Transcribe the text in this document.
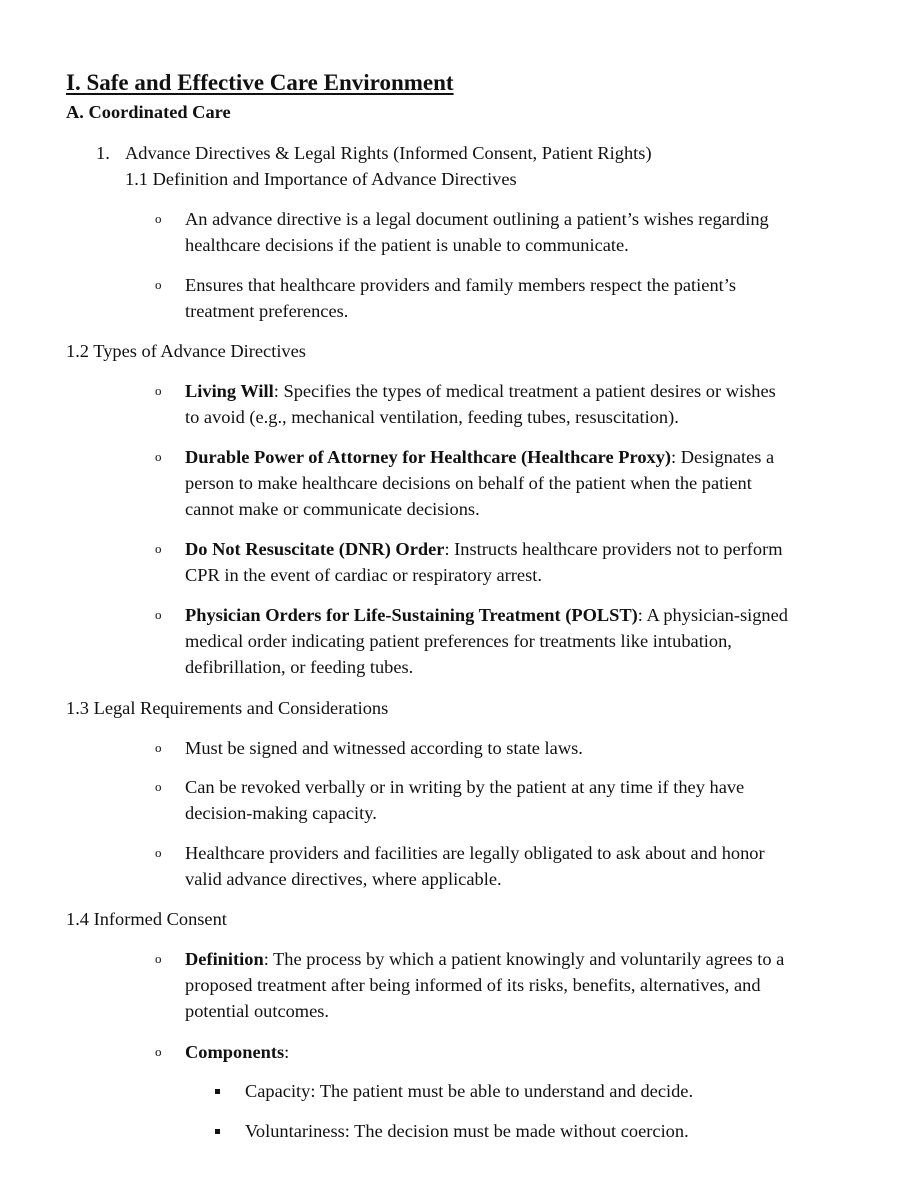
I. Safe and Effective Care Environment
A. Coordinated Care
1. Advance Directives & Legal Rights (Informed Consent, Patient Rights)
1.1 Definition and Importance of Advance Directives
o An advance directive is a legal document outlining a patient’s wishes regarding
healthcare decisions if the patient is unable to communicate.
o Ensures that healthcare providers and family members respect the patient’s
treatment preferences.
1.2 Types of Advance Directives
o Living Will: Specifies the types of medical treatment a patient desires or wishes
to avoid (e.g., mechanical ventilation, feeding tubes, resuscitation).
o Durable Power of Attorney for Healthcare (Healthcare Proxy): Designates a
person to make healthcare decisions on behalf of the patient when the patient
cannot make or communicate decisions.
o Do Not Resuscitate (DNR) Order: Instructs healthcare providers not to perform
CPR in the event of cardiac or respiratory arrest.
o Physician Orders for Life-Sustaining Treatment (POLST): A physician-signed
medical order indicating patient preferences for treatments like intubation,
defibrillation, or feeding tubes.
1.3 Legal Requirements and Considerations
o Must be signed and witnessed according to state laws.
o Can be revoked verbally or in writing by the patient at any time if they have
decision-making capacity.
o Healthcare providers and facilities are legally obligated to ask about and honor
valid advance directives, where applicable.
1.4 Informed Consent
o Definition: The process by which a patient knowingly and voluntarily agrees to a
proposed treatment after being informed of its risks, benefits, alternatives, and
potential outcomes.
o Components:
Capacity: The patient must be able to understand and decide.
Voluntariness: The decision must be made without coercion.
